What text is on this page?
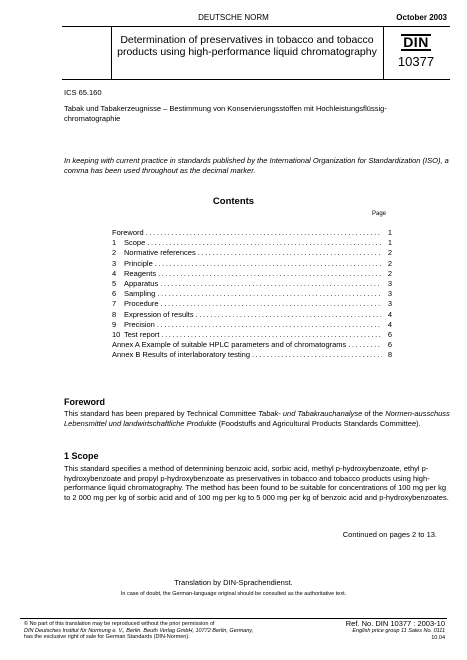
DEUTSCHE NORM	October 2003
Determination of preservatives in tobacco and tobacco products using high-performance liquid chromatography
DIN
10377
ICS 65.160
Tabak und Tabakerzeugnisse – Bestimmung von Konservierungsstoffen mit Hochleistungsflüssig-chromatographie
In keeping with current practice in standards published by the International Organization for Standardization (ISO), a comma has been used throughout as the decimal marker.
Contents
Page
Foreword .....	1
1	Scope .....	1
2	Normative references .....	2
3	Principle .....	2
4	Reagents .....	2
5	Apparatus .....	3
6	Sampling .....	3
7	Procedure .....	3
8	Expression of results .....	4
9	Precision .....	4
10 Test report .....	6
Annex A Example of suitable HPLC parameters and of chromatograms .....	6
Annex B Results of interlaboratory testing .....	8
Foreword
This standard has been prepared by Technical Committee Tabak- und Tabakrauchanalyse of the Normen-ausschuss Lebensmittel und landwirtschaftliche Produkte (Foodstuffs and Agricultural Products Standards Committee).
1 Scope
This standard specifies a method of determining benzoic acid, sorbic acid, methyl p-hydroxybenzoate, ethyl p-hydroxybenzoate and propyl p-hydroxybenzoate as preservatives in tobacco and tobacco products using high-performance liquid chromatography. The method has been found to be suitable for concentrations of 100 mg per kg to 2 000 mg per kg of sorbic acid and of 100 mg per kg to 5 000 mg per kg of benzoic acid and p-hydroxybenzoates.
Continued on pages 2 to 13.
Translation by DIN-Sprachendienst.
In case of doubt, the German-language original should be consulted as the authoritative text.
© No part of this translation may be reproduced without the prior permission of
DIN Deutsches Institut für Normung e. V., Berlin. Beuth Verlag GmbH, 10772 Berlin, Germany,
has the exclusive right of sale for German Standards (DIN-Normen).
Ref. No. DIN 10377 : 2003-10
English price group 11 Sales No. 0111
10.04
